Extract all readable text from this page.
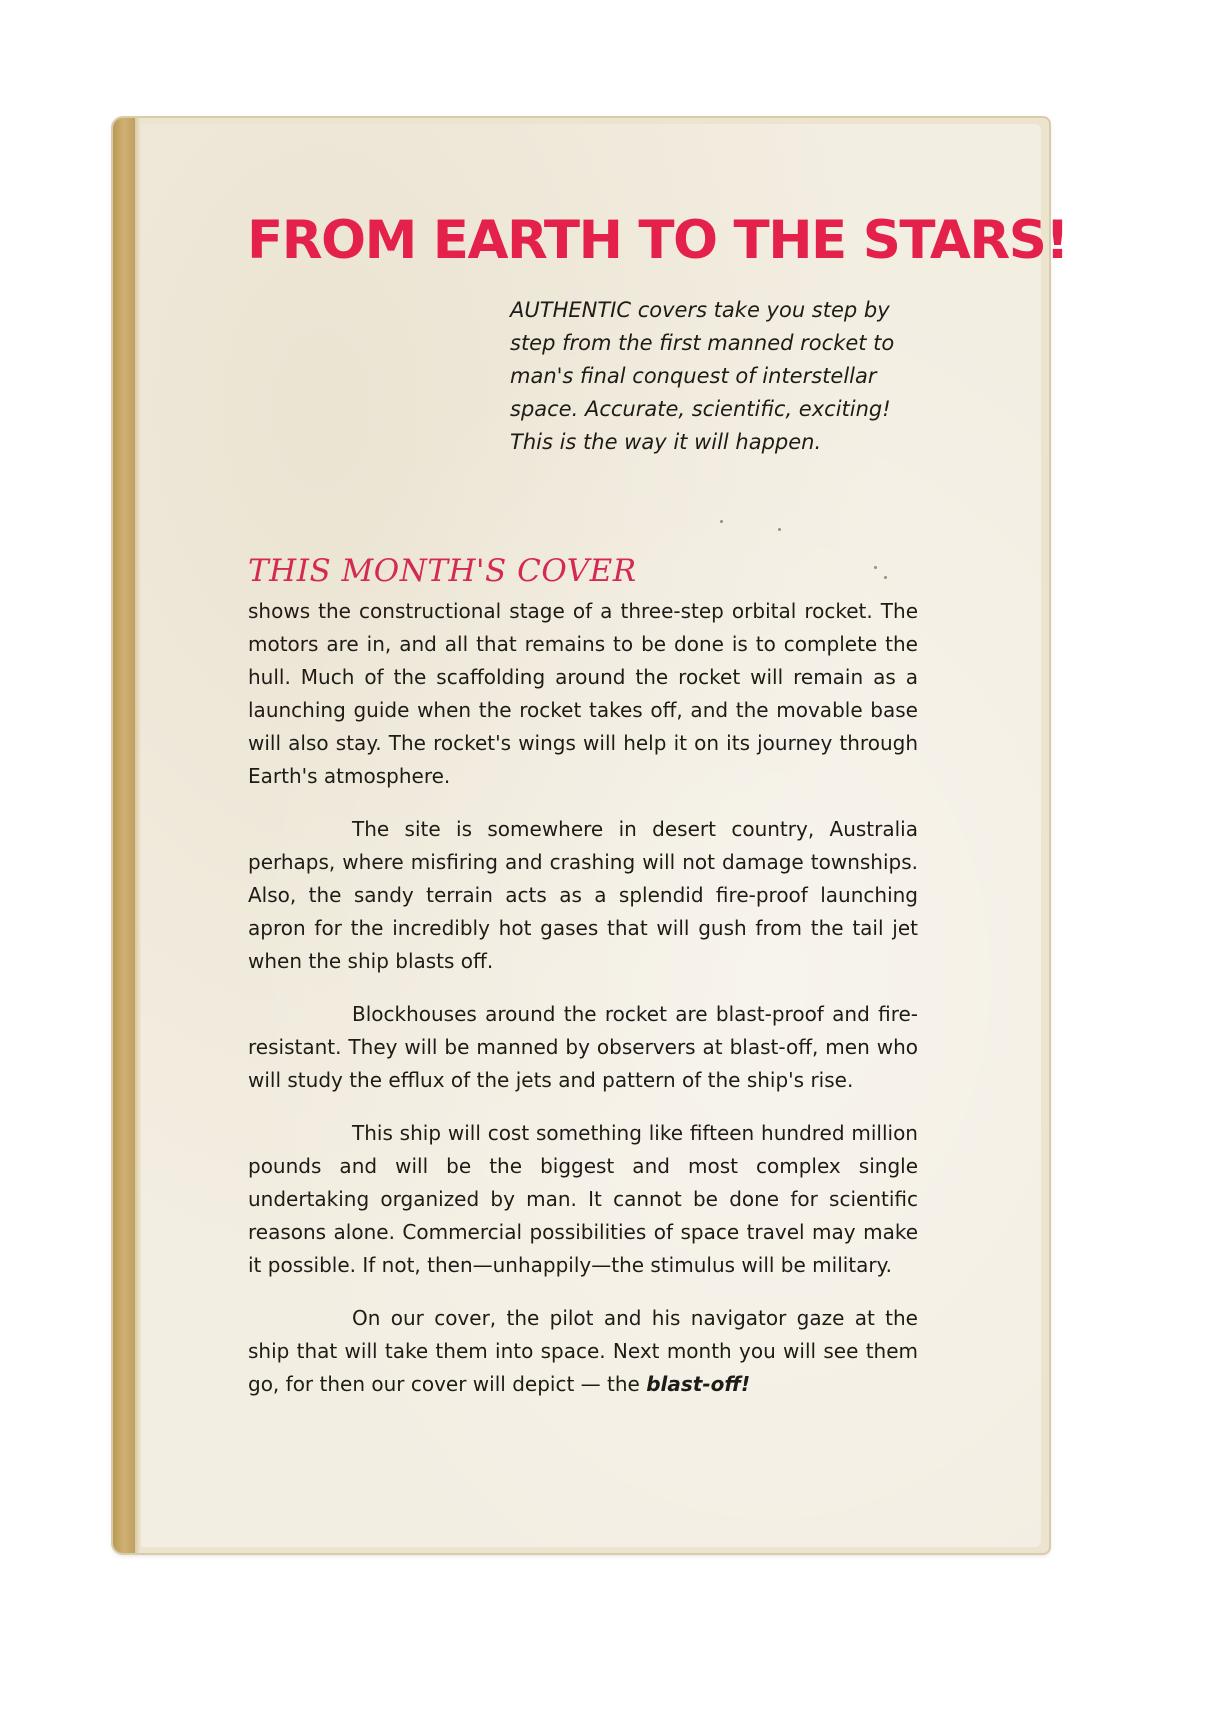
FROM EARTH TO THE STARS!

AUTHENTIC covers take you step by step from the first manned rocket to man's final conquest of interstellar space. Accurate, scientific, exciting! This is the way it will happen.

THIS MONTH'S COVER

shows the constructional stage of a three-step orbital rocket. The motors are in, and all that remains to be done is to complete the hull. Much of the scaffolding around the rocket will remain as a launching guide when the rocket takes off, and the movable base will also stay. The rocket's wings will help it on its journey through Earth's atmosphere.

The site is somewhere in desert country, Australia perhaps, where misfiring and crashing will not damage townships. Also, the sandy terrain acts as a splendid fire-proof launching apron for the incredibly hot gases that will gush from the tail jet when the ship blasts off.

Blockhouses around the rocket are blast-proof and fire-resistant. They will be manned by observers at blast-off, men who will study the efflux of the jets and pattern of the ship's rise.

This ship will cost something like fifteen hundred million pounds and will be the biggest and most complex single undertaking organized by man. It cannot be done for scientific reasons alone. Commercial possibilities of space travel may make it possible. If not, then—unhappily—the stimulus will be military.

On our cover, the pilot and his navigator gaze at the ship that will take them into space. Next month you will see them go, for then our cover will depict — the blast-off!
